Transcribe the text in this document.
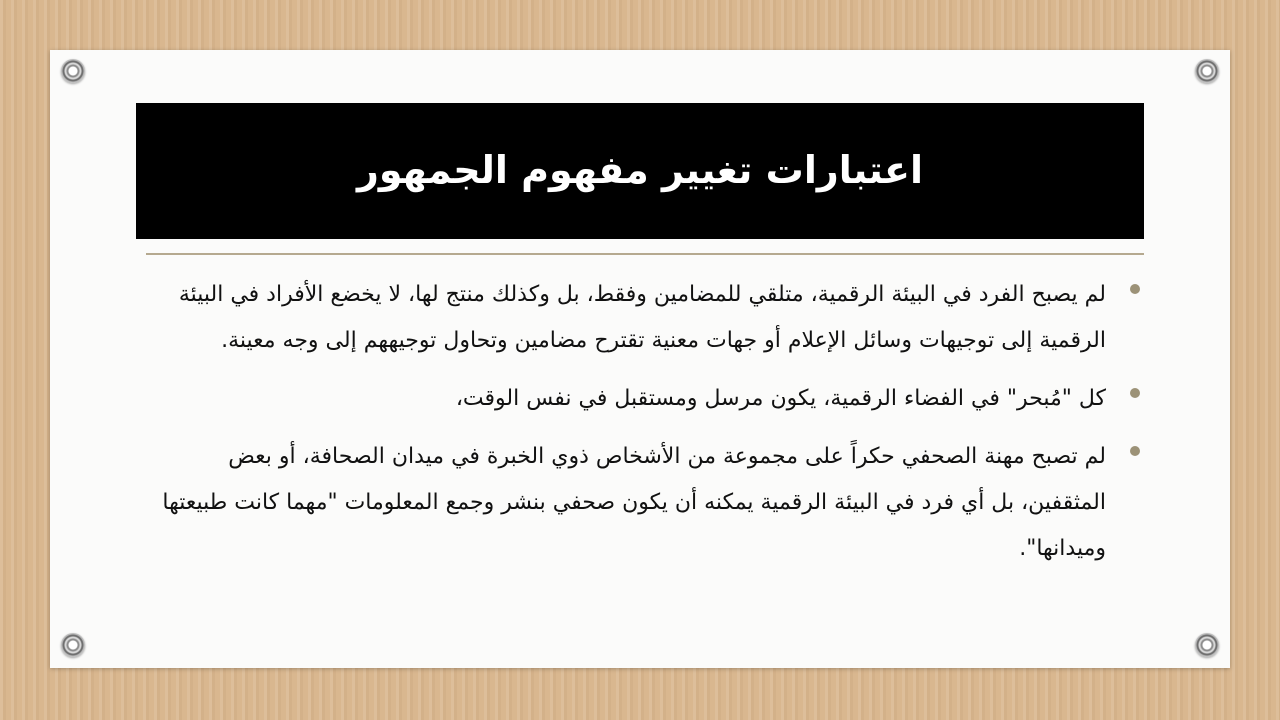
اعتبارات تغيير مفهوم الجمهور
لم يصبح الفرد في البيئة الرقمية، متلقي للمضامين وفقط، بل وكذلك منتج لها، لا يخضع الأفراد في البيئة الرقمية إلى توجيهات وسائل الإعلام أو جهات معنية تقترح مضامين وتحاول توجيههم إلى وجه معينة.
كل "مُبحر" في الفضاء الرقمية، يكون مرسل ومستقبل في نفس الوقت،
لم تصبح مهنة الصحفي حكراً على مجموعة من الأشخاص ذوي الخبرة في ميدان الصحافة، أو بعض المثقفين، بل أي فرد في البيئة الرقمية يمكنه أن يكون صحفي بنشر وجمع المعلومات "مهما كانت طبيعتها وميدانها".
